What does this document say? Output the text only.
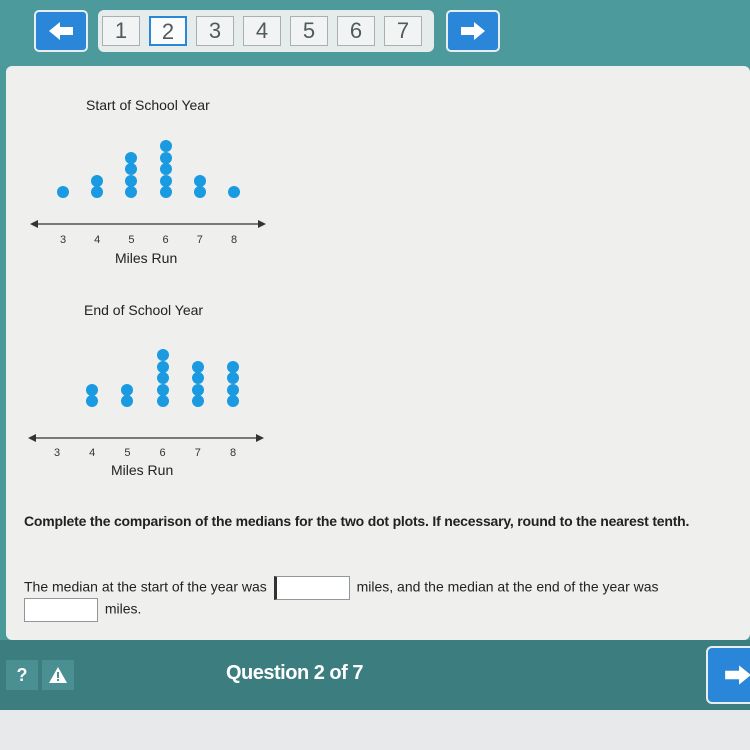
1	2	3	4	5	6	7
Start of School Year
3	4	5	6	7	8
Miles Run
End of School Year
3	4	5	6	7	8
Miles Run
Complete the comparison of the medians for the two dot plots. If necessary, round to the nearest tenth.
The median at the start of the year was	miles, and the median at the end of the year was
miles.
?	Question 2 of 7
